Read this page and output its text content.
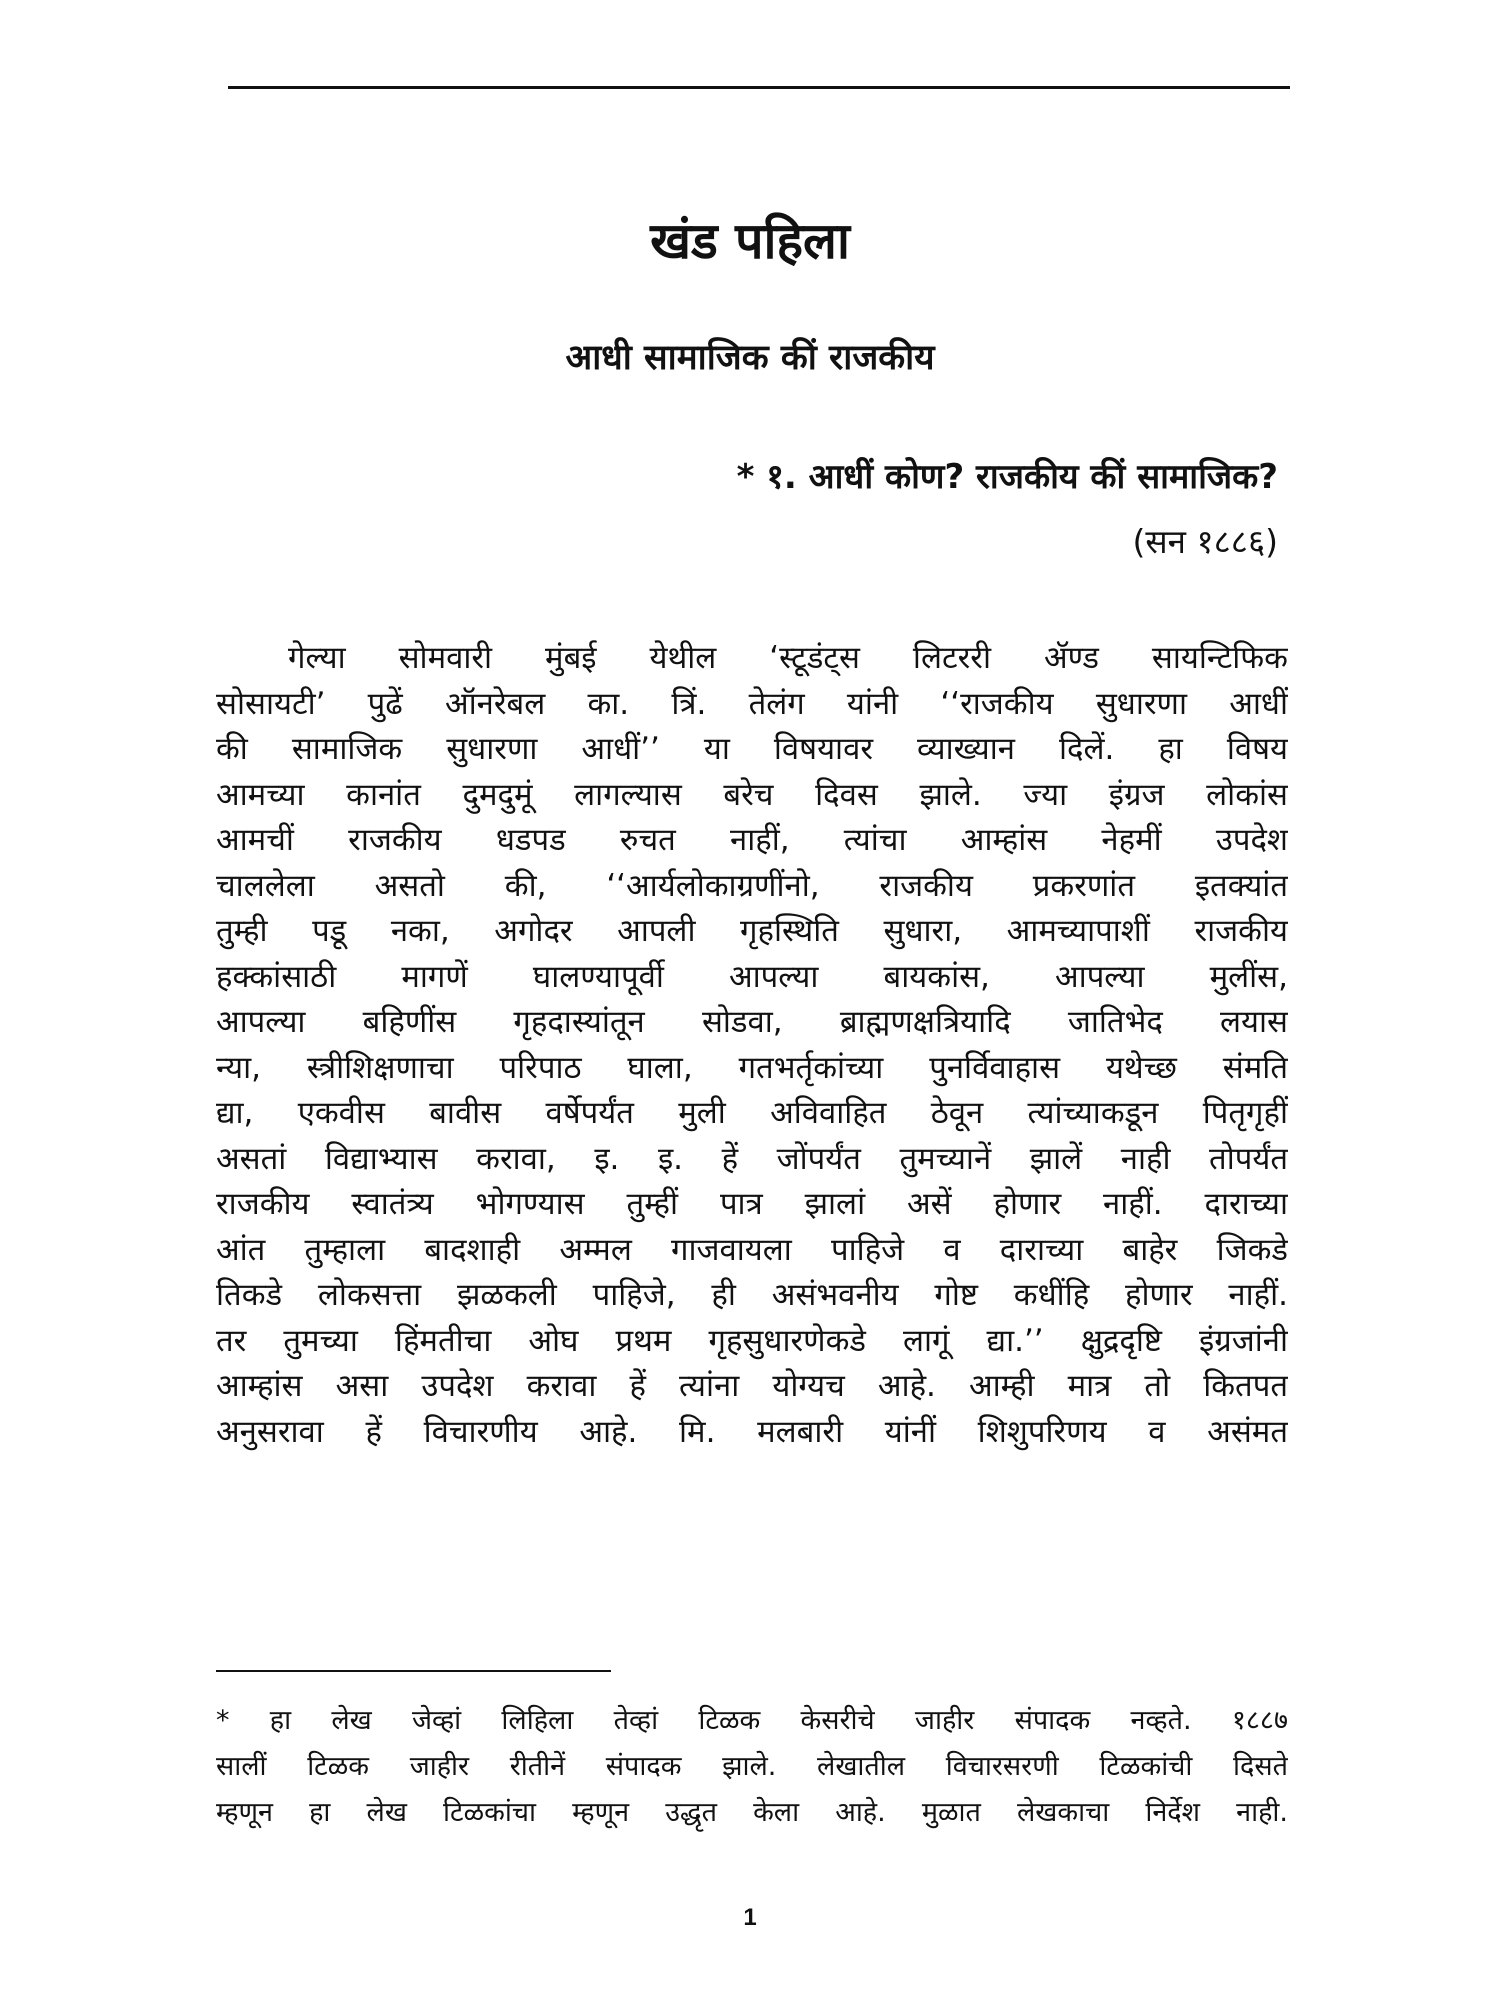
खंड पहिला
आधी सामाजिक कीं राजकीय
* १. आधीं कोण? राजकीय कीं सामाजिक?
(सन १८८६)
गेल्या सोमवारी मुंबई येथील ‘स्टूडंट्स लिटररी ॲण्ड सायन्टिफिक
सोसायटी’ पुढें ऑनरेबल का. त्रिं. तेलंग यांनी ‘‘राजकीय सुधारणा आधीं
की सामाजिक सुधारणा आधीं’’ या विषयावर व्याख्यान दिलें. हा विषय
आमच्या कानांत दुमदुमूं लागल्यास बरेच दिवस झाले. ज्या इंग्रज लोकांस
आमचीं राजकीय धडपड रुचत नाहीं, त्यांचा आम्हांस नेहमीं उपदेश
चाललेला असतो की, ‘‘आर्यलोकाग्रणींनो, राजकीय प्रकरणांत इतक्यांत
तुम्ही पडू नका, अगोदर आपली गृहस्थिति सुधारा, आमच्यापाशीं राजकीय
हक्कांसाठी मागणें घालण्यापूर्वी आपल्या बायकांस, आपल्या मुलींस,
आपल्या बहिणींस गृहदास्यांतून सोडवा, ब्राह्मणक्षत्रियादि जातिभेद लयास
न्या, स्त्रीशिक्षणाचा परिपाठ घाला, गतभर्तृकांच्या पुनर्विवाहास यथेच्छ संमति
द्या, एकवीस बावीस वर्षेपर्यंत मुली अविवाहित ठेवून त्यांच्याकडून पितृगृहीं
असतां विद्याभ्यास करावा, इ. इ. हें जोंपर्यंत तुमच्यानें झालें नाही तोपर्यंत
राजकीय स्वातंत्र्य भोगण्यास तुम्हीं पात्र झालां असें होणार नाहीं. दाराच्या
आंत तुम्हाला बादशाही अम्मल गाजवायला पाहिजे व दाराच्या बाहेर जिकडे
तिकडे लोकसत्ता झळकली पाहिजे, ही असंभवनीय गोष्ट कधींहि होणार नाहीं.
तर तुमच्या हिंमतीचा ओघ प्रथम गृहसुधारणेकडे लागूं द्या.’’ क्षुद्रदृष्टि इंग्रजांनी
आम्हांस असा उपदेश करावा हें त्यांना योग्यच आहे. आम्ही मात्र तो कितपत
अनुसरावा हें विचारणीय आहे. मि. मलबारी यांनीं शिशुपरिणय व असंमत
* हा लेख जेव्हां लिहिला तेव्हां टिळक केसरीचे जाहीर संपादक नव्हते. १८८७
सालीं टिळक जाहीर रीतीनें संपादक झाले. लेखातील विचारसरणी टिळकांची दिसते
म्हणून हा लेख टिळकांचा म्हणून उद्धृत केला आहे. मुळात लेखकाचा निर्देश नाही.
1
